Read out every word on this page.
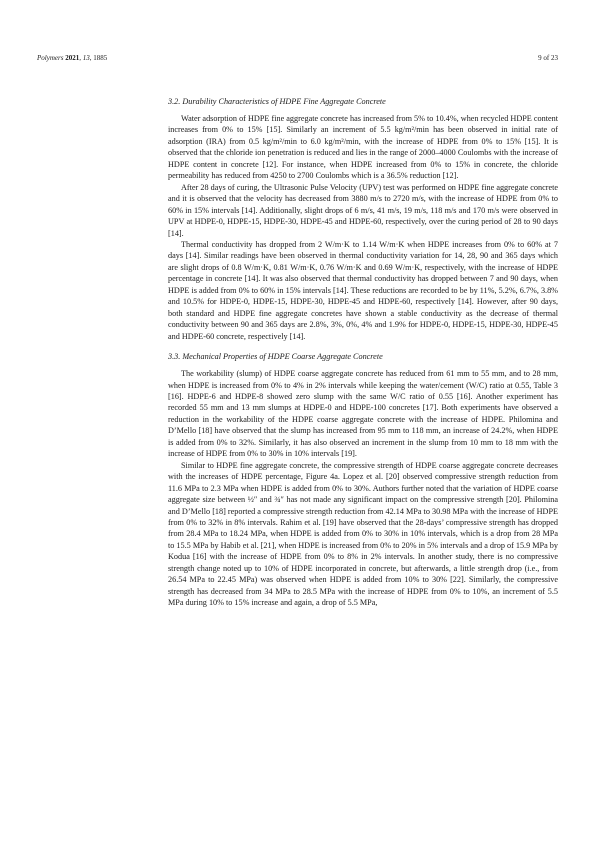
Polymers 2021, 13, 1885	9 of 23
3.2. Durability Characteristics of HDPE Fine Aggregate Concrete

Water adsorption of HDPE fine aggregate concrete has increased from 5% to 10.4%, when recycled HDPE content increases from 0% to 15% [15]. Similarly an increment of 5.5 kg/m²/min has been observed in initial rate of adsorption (IRA) from 0.5 kg/m²/min to 6.0 kg/m²/min, with the increase of HDPE from 0% to 15% [15]. It is observed that the chloride ion penetration is reduced and lies in the range of 2000–4000 Coulombs with the increase of HDPE content in concrete [12]. For instance, when HDPE increased from 0% to 15% in concrete, the chloride permeability has reduced from 4250 to 2700 Coulombs which is a 36.5% reduction [12].

After 28 days of curing, the Ultrasonic Pulse Velocity (UPV) test was performed on HDPE fine aggregate concrete and it is observed that the velocity has decreased from 3880 m/s to 2720 m/s, with the increase of HDPE from 0% to 60% in 15% intervals [14]. Additionally, slight drops of 6 m/s, 41 m/s, 19 m/s, 118 m/s and 170 m/s were observed in UPV at HDPE-0, HDPE-15, HDPE-30, HDPE-45 and HDPE-60, respectively, over the curing period of 28 to 90 days [14].

Thermal conductivity has dropped from 2 W/m·K to 1.14 W/m·K when HDPE increases from 0% to 60% at 7 days [14]. Similar readings have been observed in thermal conductivity variation for 14, 28, 90 and 365 days which are slight drops of 0.8 W/m·K, 0.81 W/m·K, 0.76 W/m·K and 0.69 W/m·K, respectively, with the increase of HDPE percentage in concrete [14]. It was also observed that thermal conductivity has dropped between 7 and 90 days, when HDPE is added from 0% to 60% in 15% intervals [14]. These reductions are recorded to be by 11%, 5.2%, 6.7%, 3.8% and 10.5% for HDPE-0, HDPE-15, HDPE-30, HDPE-45 and HDPE-60, respectively [14]. However, after 90 days, both standard and HDPE fine aggregate concretes have shown a stable conductivity as the decrease of thermal conductivity between 90 and 365 days are 2.8%, 3%, 0%, 4% and 1.9% for HDPE-0, HDPE-15, HDPE-30, HDPE-45 and HDPE-60 concrete, respectively [14].

3.3. Mechanical Properties of HDPE Coarse Aggregate Concrete

The workability (slump) of HDPE coarse aggregate concrete has reduced from 61 mm to 55 mm, and to 28 mm, when HDPE is increased from 0% to 4% in 2% intervals while keeping the water/cement (W/C) ratio at 0.55, Table 3 [16]. HDPE-6 and HDPE-8 showed zero slump with the same W/C ratio of 0.55 [16]. Another experiment has recorded 55 mm and 13 mm slumps at HDPE-0 and HDPE-100 concretes [17]. Both experiments have observed a reduction in the workability of the HDPE coarse aggregate concrete with the increase of HDPE. Philomina and D’Mello [18] have observed that the slump has increased from 95 mm to 118 mm, an increase of 24.2%, when HDPE is added from 0% to 32%. Similarly, it has also observed an increment in the slump from 10 mm to 18 mm with the increase of HDPE from 0% to 30% in 10% intervals [19].

Similar to HDPE fine aggregate concrete, the compressive strength of HDPE coarse aggregate concrete decreases with the increases of HDPE percentage, Figure 4a. Lopez et al. [20] observed compressive strength reduction from 11.6 MPa to 2.3 MPa when HDPE is added from 0% to 30%. Authors further noted that the variation of HDPE coarse aggregate size between ½″ and ¾″ has not made any significant impact on the compressive strength [20]. Philomina and D’Mello [18] reported a compressive strength reduction from 42.14 MPa to 30.98 MPa with the increase of HDPE from 0% to 32% in 8% intervals. Rahim et al. [19] have observed that the 28-days’ compressive strength has dropped from 28.4 MPa to 18.24 MPa, when HDPE is added from 0% to 30% in 10% intervals, which is a drop from 28 MPa to 15.5 MPa by Habib et al. [21], when HDPE is increased from 0% to 20% in 5% intervals and a drop of 15.9 MPa by Kodua [16] with the increase of HDPE from 0% to 8% in 2% intervals. In another study, there is no compressive strength change noted up to 10% of HDPE incorporated in concrete, but afterwards, a little strength drop (i.e., from 26.54 MPa to 22.45 MPa) was observed when HDPE is added from 10% to 30% [22]. Similarly, the compressive strength has decreased from 34 MPa to 28.5 MPa with the increase of HDPE from 0% to 10%, an increment of 5.5 MPa during 10% to 15% increase and again, a drop of 5.5 MPa,
